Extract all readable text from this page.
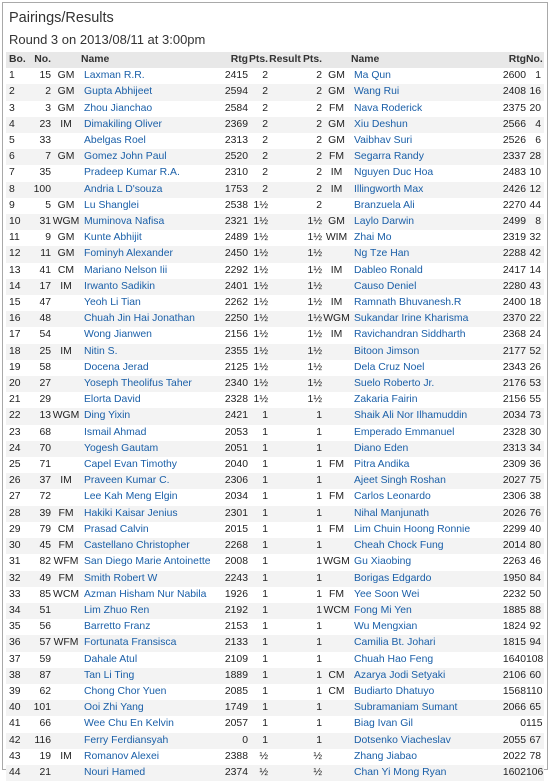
Pairings/Results
Round 3 on 2013/08/11 at 3:00pm
Bo.	No.		Name	Rtg	Pts.	Result	Pts.		Name	Rtg	No.
1	15	GM	Laxman R.R.	2415	2		2	GM	Ma Qun	2600	1
2	2	GM	Gupta Abhijeet	2594	2		2	GM	Wang Rui	2408	16
3	3	GM	Zhou Jianchao	2584	2		2	FM	Nava Roderick	2375	20
4	23	IM	Dimakiling Oliver	2369	2		2	GM	Xiu Deshun	2566	4
5	33		Abelgas Roel	2313	2		2	GM	Vaibhav Suri	2526	6
6	7	GM	Gomez John Paul	2520	2		2	FM	Segarra Randy	2337	28
7	35		Pradeep Kumar R.A.	2310	2		2	IM	Nguyen Duc Hoa	2483	10
8	100		Andria L D'souza	1753	2		2	IM	Illingworth Max	2426	12
9	5	GM	Lu Shanglei	2538	1½		2		Branzuela Ali	2270	44
10	31	WGM	Muminova Nafisa	2321	1½		1½	GM	Laylo Darwin	2499	8
11	9	GM	Kunte Abhijit	2489	1½		1½	WIM	Zhai Mo	2319	32
12	11	GM	Fominyh Alexander	2450	1½		1½		Ng Tze Han	2288	42
13	41	CM	Mariano Nelson Iii	2292	1½		1½	IM	Dableo Ronald	2417	14
14	17	IM	Irwanto Sadikin	2401	1½		1½		Causo Deniel	2280	43
15	47		Yeoh Li Tian	2262	1½		1½	IM	Ramnath Bhuvanesh.R	2400	18
16	48		Chuah Jin Hai Jonathan	2250	1½		1½	WGM	Sukandar Irine Kharisma	2370	22
17	54		Wong Jianwen	2156	1½		1½	IM	Ravichandran Siddharth	2368	24
18	25	IM	Nitin S.	2355	1½		1½		Bitoon Jimson	2177	52
19	58		Docena Jerad	2125	1½		1½		Dela Cruz Noel	2343	26
20	27		Yoseph Theolifus Taher	2340	1½		1½		Suelo Roberto Jr.	2176	53
21	29		Elorta David	2328	1½		1½		Zakaria Fairin	2156	55
22	13	WGM	Ding Yixin	2421	1		1		Shaik Ali Nor Ilhamuddin	2034	73
23	68		Ismail Ahmad	2053	1		1		Emperado Emmanuel	2328	30
24	70		Yogesh Gautam	2051	1		1		Diano Eden	2313	34
25	71		Capel Evan Timothy	2040	1		1	FM	Pitra Andika	2309	36
26	37	IM	Praveen Kumar C.	2306	1		1		Ajeet Singh Roshan	2027	75
27	72		Lee Kah Meng Elgin	2034	1		1	FM	Carlos Leonardo	2306	38
28	39	FM	Hakiki Kaisar Jenius	2301	1		1		Nihal Manjunath	2026	76
29	79	CM	Prasad Calvin	2015	1		1	FM	Lim Chuin Hoong Ronnie	2299	40
30	45	FM	Castellano Christopher	2268	1		1		Cheah Chock Fung	2014	80
31	82	WFM	San Diego Marie Antoinette	2008	1		1	WGM	Gu Xiaobing	2263	46
32	49	FM	Smith Robert W	2243	1		1		Borigas Edgardo	1950	84
33	85	WCM	Azman Hisham Nur Nabila	1926	1		1	FM	Yee Soon Wei	2232	50
34	51		Lim Zhuo Ren	2192	1		1	WCM	Fong Mi Yen	1885	88
35	56		Barretto Franz	2153	1		1		Wu Mengxian	1824	92
36	57	WFM	Fortunata Fransisca	2133	1		1		Camilia Bt. Johari	1815	94
37	59		Dahale Atul	2109	1		1		Chuah Hao Feng	1640	108
38	87		Tan Li Ting	1889	1		1	CM	Azarya Jodi Setyaki	2106	60
39	62		Chong Chor Yuen	2085	1		1	CM	Budiarto Dhatuyo	1568	110
40	101		Ooi Zhi Yang	1749	1		1		Subramaniam Sumant	2066	65
41	66		Wee Chu En Kelvin	2057	1		1		Biag Ivan Gil	0	115
42	116		Ferry Ferdiansyah	0	1		1		Dotsenko Viacheslav	2055	67
43	19	IM	Romanov Alexei	2388	½		½		Zhang Jiabao	2022	78
44	21		Nouri Hamed	2374	½		½		Chan Yi Mong Ryan	1602	106
